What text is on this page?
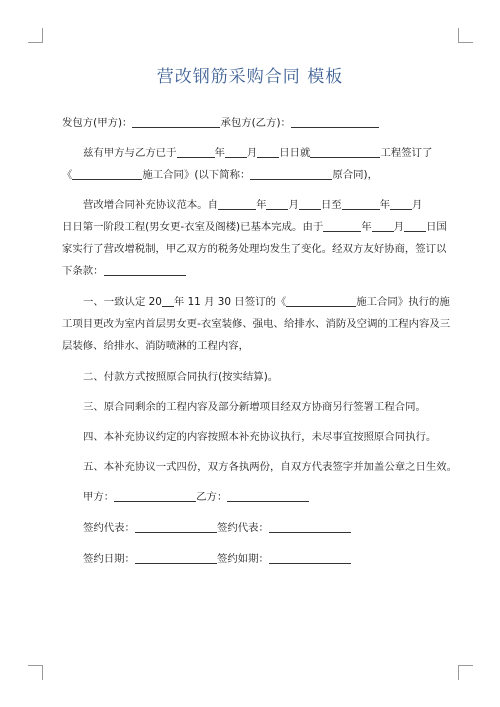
营改钢筋采购合同 模板
发包方(甲方)：	承包方(乙方)：
兹有甲方与乙方已于	年 月 日日就	工程签订了
《	施工合同》(以下简称：	原合同)，
营改增合同补充协议范本。自	年 月 日至	年 月
日日第一阶段工程(男女更-衣室及阁楼)已基本完成。由于	年 月 日国
家实行了营改增税制，甲乙双方的税务处理均发生了变化。经双方友好协商，签订以
下条款：
一、一致认定 20 年 11 月 30 日签订的《	施工合同》执行的施
工项目更改为室内首层男女更-衣室装修、强电、给排水、消防及空调的工程内容及三
层装修、给排水、消防喷淋的工程内容，
二、付款方式按照原合同执行(按实结算)。
三、原合同剩余的工程内容及部分新增项目经双方协商另行签署工程合同。
四、本补充协议约定的内容按照本补充协议执行，未尽事宜按照原合同执行。
五、本补充协议一式四份，双方各执两份，自双方代表签字并加盖公章之日生效。
甲方：	乙方：
签约代表：	签约代表：
签约日期：	签约如期：
